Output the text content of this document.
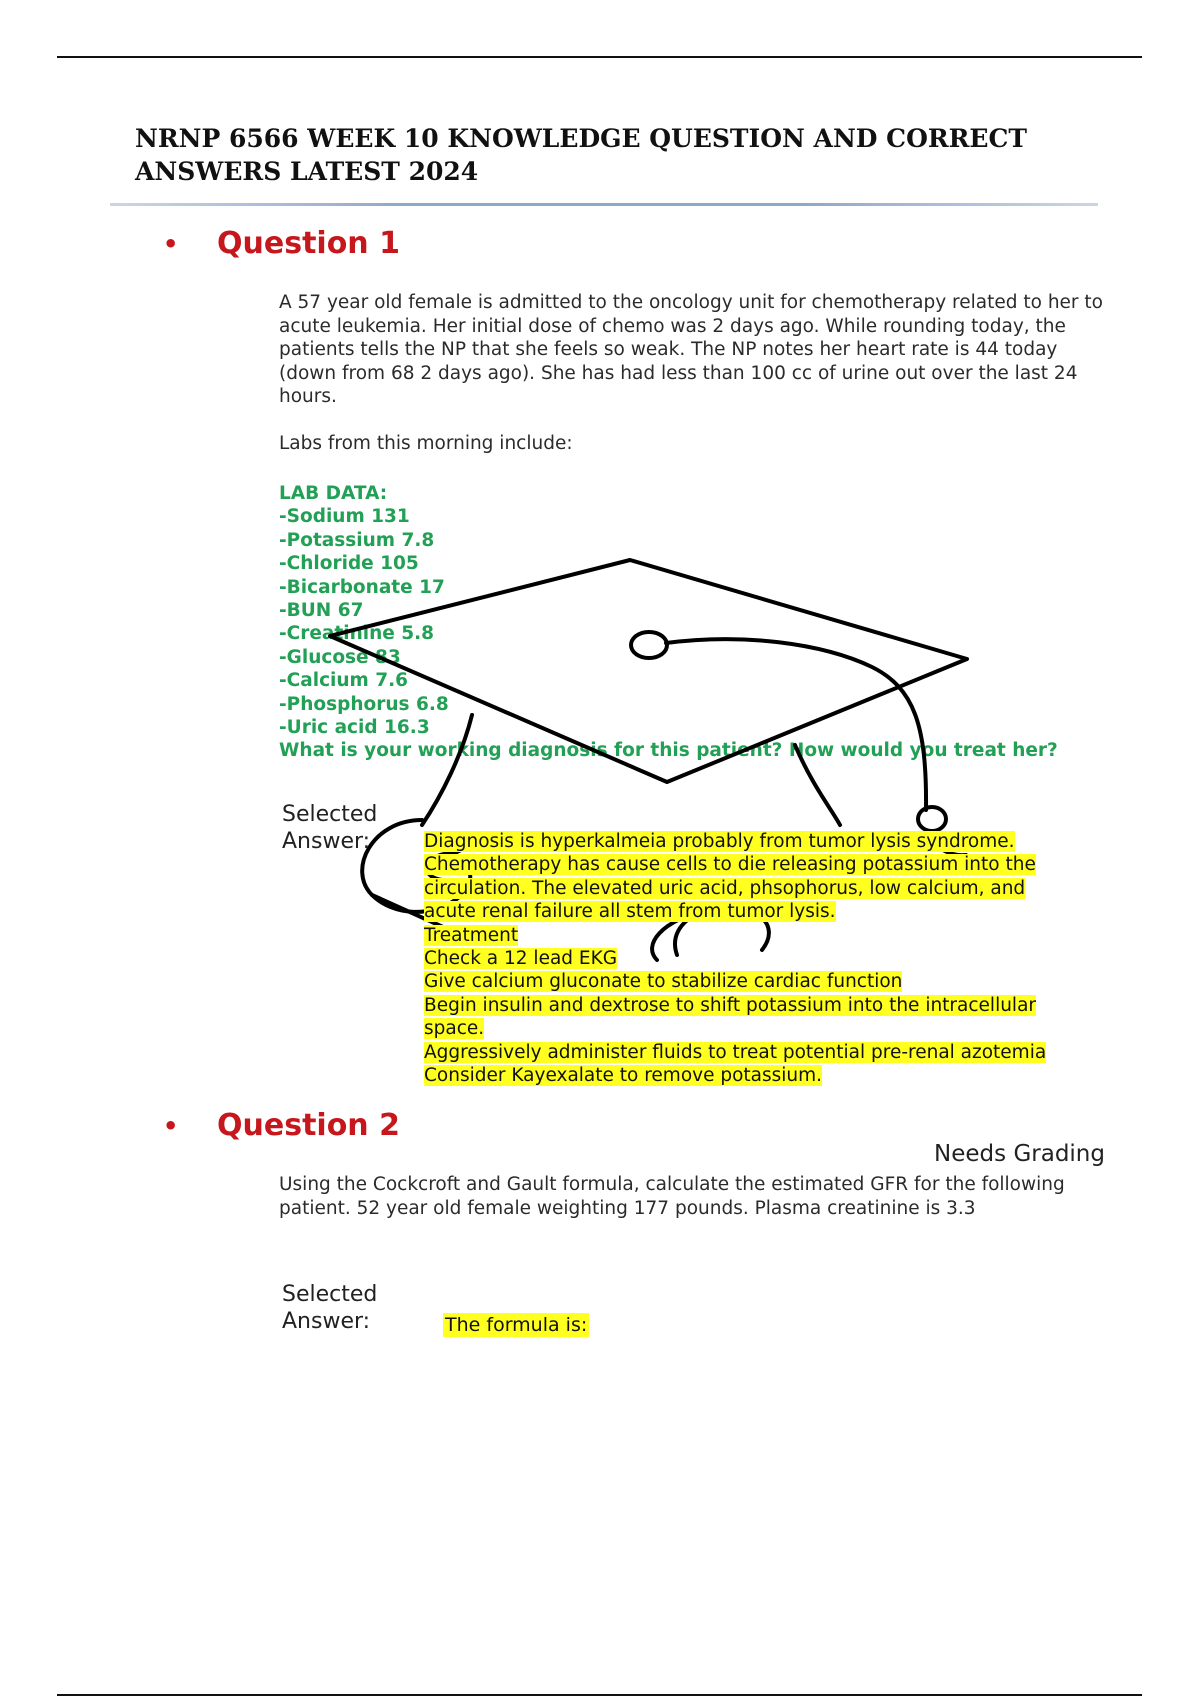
NRNP 6566 WEEK 10 KNOWLEDGE QUESTION AND CORRECT ANSWERS LATEST 2024
•
Question 1

A 57 year old female is admitted to the oncology unit for chemotherapy related to her to acute leukemia. Her initial dose of chemo was 2 days ago. While rounding today, the patients tells the NP that she feels so weak. The NP notes her heart rate is 44 today (down from 68 2 days ago). She has had less than 100 cc of urine out over the last 24 hours.

Labs from this morning include:

LAB DATA:
-Sodium 131
-Potassium 7.8
-Chloride 105
-Bicarbonate 17
-BUN 67
-Creatinine 5.8
-Glucose 83
-Calcium 7.6
-Phosphorus 6.8
-Uric acid 16.3
What is your working diagnosis for this patient? How would you treat her?
Selected
Answer:	Diagnosis is hyperkalmeia probably from tumor lysis syndrome.
Chemotherapy has cause cells to die releasing potassium into the
circulation. The elevated uric acid, phsophorus, low calcium, and
acute renal failure all stem from tumor lysis.
Treatment
Check a 12 lead EKG
Give calcium gluconate to stabilize cardiac function
Begin insulin and dextrose to shift potassium into the intracellular
space.
Aggressively administer fluids to treat potential pre-renal azotemia
Consider Kayexalate to remove potassium.
•
Question 2
Needs Grading

Using the Cockcroft and Gault formula, calculate the estimated GFR for the following patient. 52 year old female weighting 177 pounds. Plasma creatinine is 3.3

Selected
Answer:	The formula is:
